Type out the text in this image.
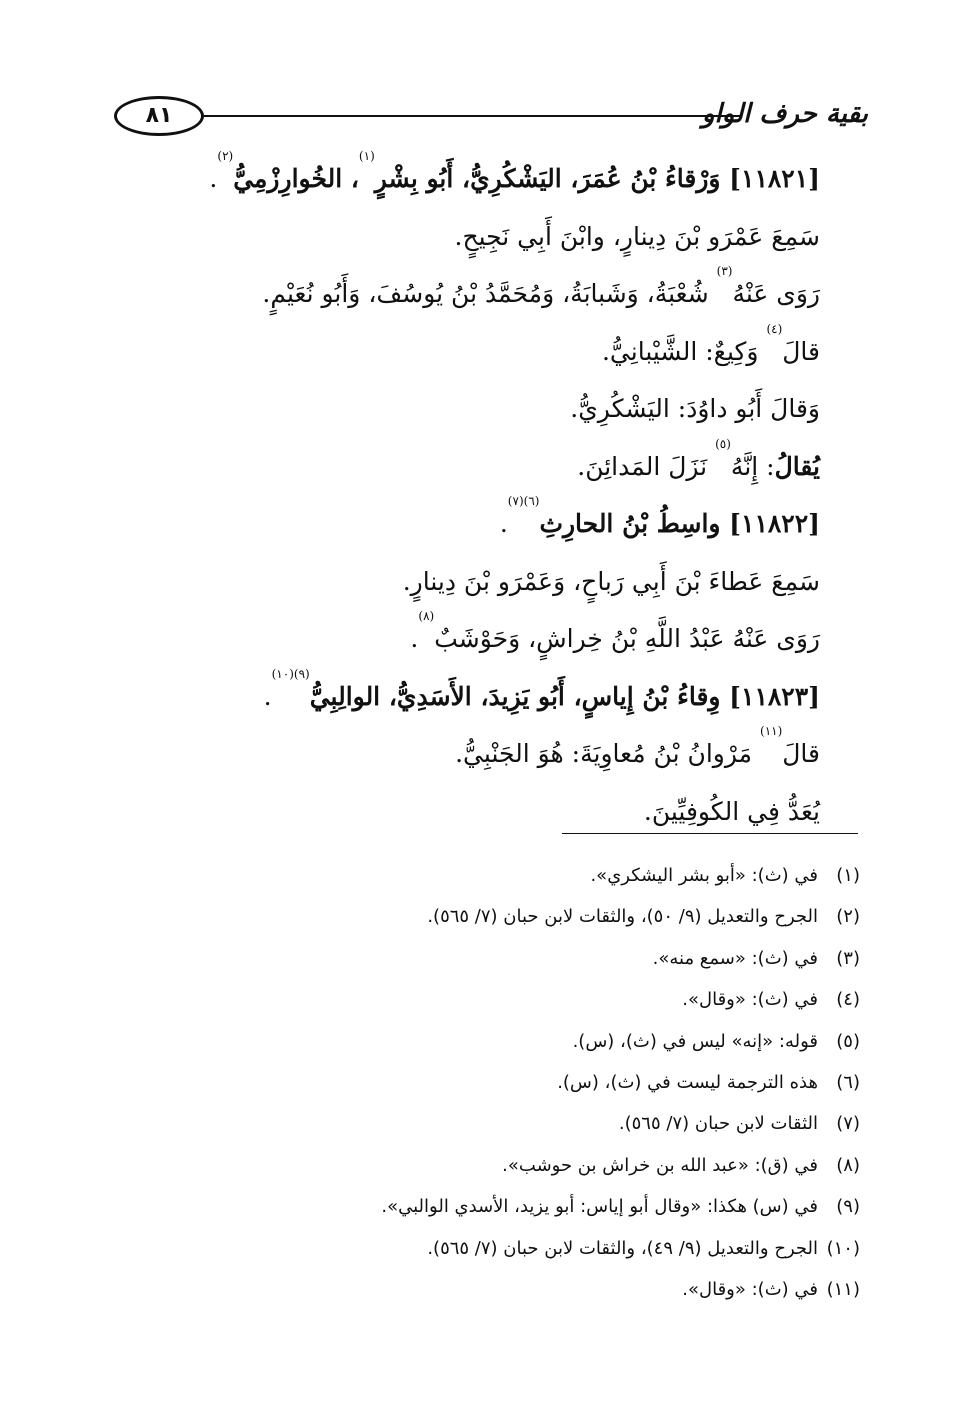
٨١	بقية حرف الواو
[١١٨٢١] وَرْقاءُ بْنُ عُمَرَ، اليَشْكُرِيُّ، أَبُو بِشْرٍ$^{(١)}$، الخُوارِزْمِيُّ$^{(٢)}$.
سَمِعَ عَمْرَو بْنَ دِينارٍ، وابْنَ أَبِي نَجِيحٍ.
رَوَى عَنْهُ$^{(٣)}$ شُعْبَةُ، وَشَبابَةُ، وَمُحَمَّدُ بْنُ يُوسُفَ، وَأَبُو نُعَيْمٍ.
قالَ$^{(٤)}$ وَكِيعٌ: الشَّيْبانِيُّ.
وَقالَ أَبُو داوُدَ: اليَشْكُرِيُّ.
يُقالُ: إِنَّهُ$^{(٥)}$ نَزَلَ المَدائِنَ.
[١١٨٢٢] واسِطُ بْنُ الحارِثِ$^{(٦)(٧)}$.
سَمِعَ عَطاءَ بْنَ أَبِي رَباحٍ، وَعَمْرَو بْنَ دِينارٍ.
رَوَى عَنْهُ عَبْدُ اللَّهِ بْنُ خِراشٍ، وَحَوْشَبٌ$^{(٨)}$.
[١١٨٢٣] وِقاءُ بْنُ إِياسٍ، أَبُو يَزِيدَ، الأَسَدِيُّ، الوالِبِيُّ$^{(٩)(١٠)}$.
قالَ$^{(١١)}$ مَرْوانُ بْنُ مُعاوِيَةَ: هُوَ الجَنْبِيُّ.
يُعَدُّ فِي الكُوفِيِّينَ.
(١)في (ث): «أبو بشر اليشكري».
(٢)الجرح والتعديل (٩/ ٥٠)، والثقات لابن حبان (٧/ ٥٦٥).
(٣)في (ث): «سمع منه».
(٤)في (ث): «وقال».
(٥)قوله: «إنه» ليس في (ث)، (س).
(٦)هذه الترجمة ليست في (ث)، (س).
(٧)الثقات لابن حبان (٧/ ٥٦٥).
(٨)في (ق): «عبد الله بن خراش بن حوشب».
(٩)في (س) هكذا: «وقال أبو إياس: أبو يزيد، الأسدي الوالبي».
(١٠)الجرح والتعديل (٩/ ٤٩)، والثقات لابن حبان (٧/ ٥٦٥).
(١١)في (ث): «وقال».
